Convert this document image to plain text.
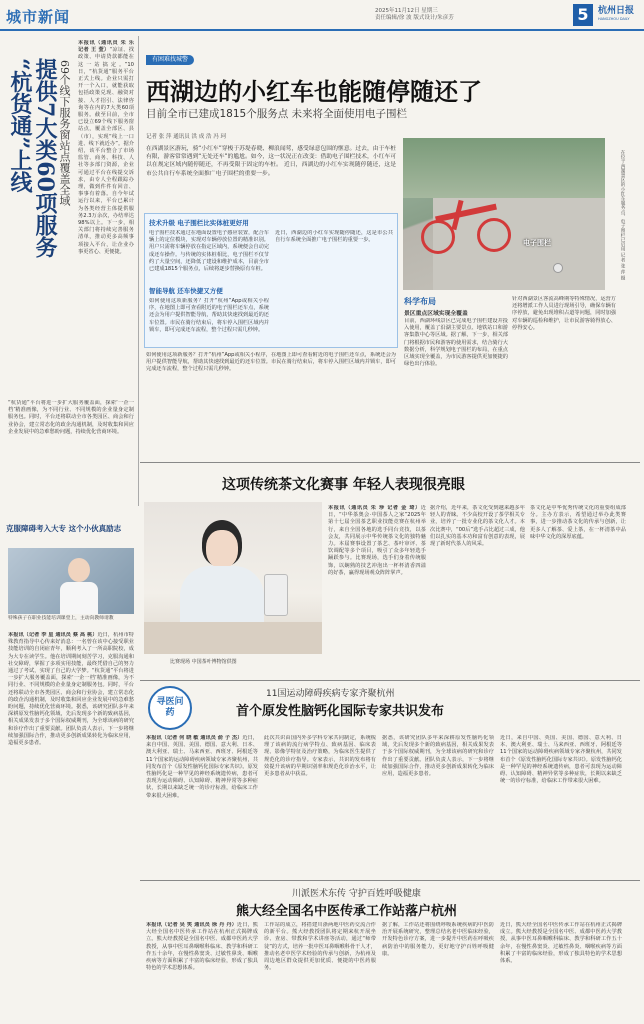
城市新闻	2025年11月12日 星期三
责任编辑/徐 波 版式设计/朱彦芳	5	杭州日报
HANGZHOU DAILY
“杭货通”上线 提供7大类60项服务 69个线下服务窗站点覆盖全域
本报讯（通讯员 朱 乐 记者 王 萱）“凉证、找政策、申请贷款都能在这一站搞定。”10日，“杭货通”服务平台正式上线。企业只需打开一个入口，就能获取包括政策兑现、融资对接、人才招引、法律咨询等在内的7大类60项服务。截至目前，全市已设立69个线下服务窗站点，覆盖全部区、县（市），实现“线上一口进、线下就近办”。据介绍，该平台整合了市场监管、商务、科技、人社等多部门资源，企业可通过平台在线提交诉求，由专人全程跟踪办理，做到件件有回音、事事有着落。自今年试运行以来，平台已累计为各类经营主体提供服务2.3万余次，办结率达98%以上。下一步，相关部门将持续完善服务清单，推动更多高频事项接入平台，让企业办事更省心、更便捷。
“杭货通”平台将进一步扩大服务覆盖面，探索‘一企一档’精准画像，为不同行业、不同规模的企业量身定制服务包。同时，平台还将联动全市各类园区、商会和行业协会，建立常态化的政企沟通机制，及时收集和回应企业发展中的急难愁盼问题，持续优化营商环境。
有困难找城警
西湖边的小红车也能随停随还了
目前全市已建成1815个服务点 未来将全面使用电子围栏
记者 张 萍 通讯员 洪 成 浩 冯 珂
在西湖景区游玩，骑“小红车”穿梭于苏堤春晓、柳浪闻莺，感受绿意包围的惬意。过去，由于车桩有限，游客常常遇到“无处还车”的尴尬。如今，这一状况正在改变：借助电子围栏技术，小红车可以在规定区域内随停随还，不再受限于固定的车桩。 近日，西湖边的小红车实现随停随还，这是市公共自行车系统全面推广电子围栏的重要一步。
电子围栏	在位于西湖景区的小红车服务点，电子围栏已启用 记者 张 萍 摄
技术升级 电子围栏比实体桩更好用
电子围栏技术通过在地面设置电子感应装置，配合车辆上的定位模块，实现对车辆停放位置的精准识别。用户只需将车辆停放在指定区域内，系统便会自动完成还车操作。与传统的实体桩相比，电子围栏不仅节约了大量空间，还降低了建设和维护成本，目前全市已建成1815个服务点，后续将逐步替换原有车桩。
智能导航 还车快捷又方便
如何使用这项新服务？打开“杭州”App或相关小程序，在地图上即可查看附近的电子围栏还车点，系统还会为用户提供智能导航，帮助其快速找到最近的还车位置。市民在骑行结束后，将车停入围栏区域内并锁车，即可完成还车流程，整个过程只需几秒钟。
近日，西湖边的小红车实现随停随还，这是市公共自行车系统全面推广电子围栏的重要一步。
科学布局
景区重点区域实现全覆盖
目前，西湖环线景区已完成电子围栏建设并投入使用，覆盖了沿湖主要景点、地铁站口和游客集散中心等区域。据了解，下一步，相关部门将根据市民和游客的使用需求，结合骑行大数据分析，科学规划电子围栏的布局，在重点区域实现全覆盖，为市民游客提供更加便捷的绿色出行体验。
针对西湖景区客流高峰期等特殊情况，运营方还将增派工作人员进行现场引导，确保车辆有序停放，避免出现堆积占道等问题，同时加强对车辆的巡检和维护，让市民游客骑得放心、停得安心。
如何使用这项新服务？打开“杭州”App或相关小程序，在地图上即可查看附近的电子围栏还车点，系统还会为用户提供智能导航，帮助其快速找到最近的还车位置。市民在骑行结束后，将车停入围栏区域内并锁车，即可完成还车流程，整个过程只需几秒钟。
这项传统茶文化赛事 年轻人表现很亮眼
比赛现场 中国茶叶博物馆供图
本报讯（通讯员 朱 珍 记者 金 琦）近日，“中华茶奥会·中国茶人之家”2025年第十七届全国茶艺职业技能竞赛在杭州举行，来自全国各地的选手同台竞技，以茶会友，共同展示中华传统茶文化的独特魅力。本届赛事设置了茶艺、茶叶审评、茶饮调配等多个项目，吸引了众多年轻选手踊跃参与。比赛现场，选手们身着传统服饰，以娴熟的技艺冲泡出一杯杯清香四溢的好茶，赢得现场观众阵阵掌声。
据介绍，近年来，茶文化受到越来越多年轻人的青睐。不少高校开设了茶学相关专业，培养了一批专业化的茶文化人才。本次比赛中，“00后”选手占比超过三成，他们以扎实的基本功和富有创意的表现，展现了新时代茶人的风采。
茶文化是中华优秀传统文化的重要组成部分。主办方表示，希望通过举办此类赛事，进一步推动茶文化的传承与创新，让更多人了解茶、爱上茶，在一杯清茶中品味中华文化的深厚底蕴。
克服障碍考入大专 这个小伙真励志
特殊孩子在职业技能培训课堂上，主动向教师请教
本报讯（记者 李 星 通讯员 蔡 高 桃）近日，杭州市特殊教育指导中心传来好消息：一名曾在该中心接受职业技能培训的自闭症青年，顺利考入了一所高职院校，成为大专在读学生。他在培训期间刻苦学习，克服沟通和社交障碍，掌握了多项实用技能，最终凭借自己的努力通过了考试，实现了自己的大学梦。“杭货通”平台将进一步扩大服务覆盖面，探索‘一企一档’精准画像，为不同行业、不同规模的企业量身定制服务包。同时，平台还将联动全市各类园区、商会和行业协会，建立常态化的政企沟通机制，及时收集和回应企业发展中的急难愁盼问题，持续优化营商环境。据悉，该研究团队多年来深耕原发性脑钙化领域，先后发现多个新的致病基因，相关成果发表于多个国际权威期刊，为全球该病的研究和诊疗作出了重要贡献。团队负责人表示，下一步将继续加强国际合作，推动更多创新成果转化为临床应用，造福更多患者。
寻医问药
11国运动障碍疾病专家齐聚杭州
首个原发性脑钙化国际专家共识发布
本报讯（记者 何 晓 敏 通讯员 俞 子 杰）近日，来自中国、英国、美国、德国、意大利、日本、澳大利亚、瑞士、马来西亚、西班牙、阿根廷等11个国家的运动障碍疾病领域专家齐聚杭州，共同发布首个《原发性脑钙化国际专家共识》。原发性脑钙化是一种罕见的神经系统遗传病，患者可表现为运动障碍、认知障碍、精神异常等多种症状，长期以来缺乏统一的诊疗标准，给临床工作带来很大困难。
此次共识由国内外多学科专家共同制定，系统梳理了该病的流行病学特点、致病基因、临床表现、影像学特征及治疗策略，为临床医生提供了规范化的诊疗指导。专家表示，共识的发布将有效提升该病的早期识别率和规范化诊治水平，让更多患者从中获益。
据悉，该研究团队多年来深耕原发性脑钙化领域，先后发现多个新的致病基因，相关成果发表于多个国际权威期刊，为全球该病的研究和诊疗作出了重要贡献。团队负责人表示，下一步将继续加强国际合作，推动更多创新成果转化为临床应用，造福更多患者。
近日，来自中国、英国、美国、德国、意大利、日本、澳大利亚、瑞士、马来西亚、西班牙、阿根廷等11个国家的运动障碍疾病领域专家齐聚杭州，共同发布首个《原发性脑钙化国际专家共识》。原发性脑钙化是一种罕见的神经系统遗传病，患者可表现为运动障碍、认知障碍、精神异常等多种症状，长期以来缺乏统一的诊疗标准，给临床工作带来很大困难。
川派医术东传 守护百姓呼吸健康
熊大经全国名中医传承工作站落户杭州
本报讯（记者 吴 笑 通讯员 徐 丹 丹）近日，熊大经全国名中医传承工作站在杭州正式揭牌成立。熊大经教授是全国名中医、成都中医药大学教授，从事中医耳鼻咽喉科临床、教学和科研工作五十余年，在慢性鼻窦炎、过敏性鼻炎、咽喉疾病等方面积累了丰富的临床经验，形成了独具特色的学术思想体系。
工作站的成立，将搭建川浙两地中医药交流合作的新平台。熊大经教授团队将定期来杭开展坐诊、查房、带教和学术讲座等活动，通过“师带徒”的方式，培养一批中医耳鼻咽喉科骨干人才，推动名老中医学术经验的传承与创新，为杭州及周边地区群众提供更加优质、便捷的中医药服务。
据了解，工作站还将围绕呼吸系统疾病的中医防治开展系统研究，整理总结名老中医临床经验，开发特色诊疗方案，进一步提升中医药在呼吸疾病防治中的服务能力，更好地守护百姓呼吸健康。
近日，熊大经全国名中医传承工作站在杭州正式揭牌成立。熊大经教授是全国名中医、成都中医药大学教授，从事中医耳鼻咽喉科临床、教学和科研工作五十余年，在慢性鼻窦炎、过敏性鼻炎、咽喉疾病等方面积累了丰富的临床经验，形成了独具特色的学术思想体系。
